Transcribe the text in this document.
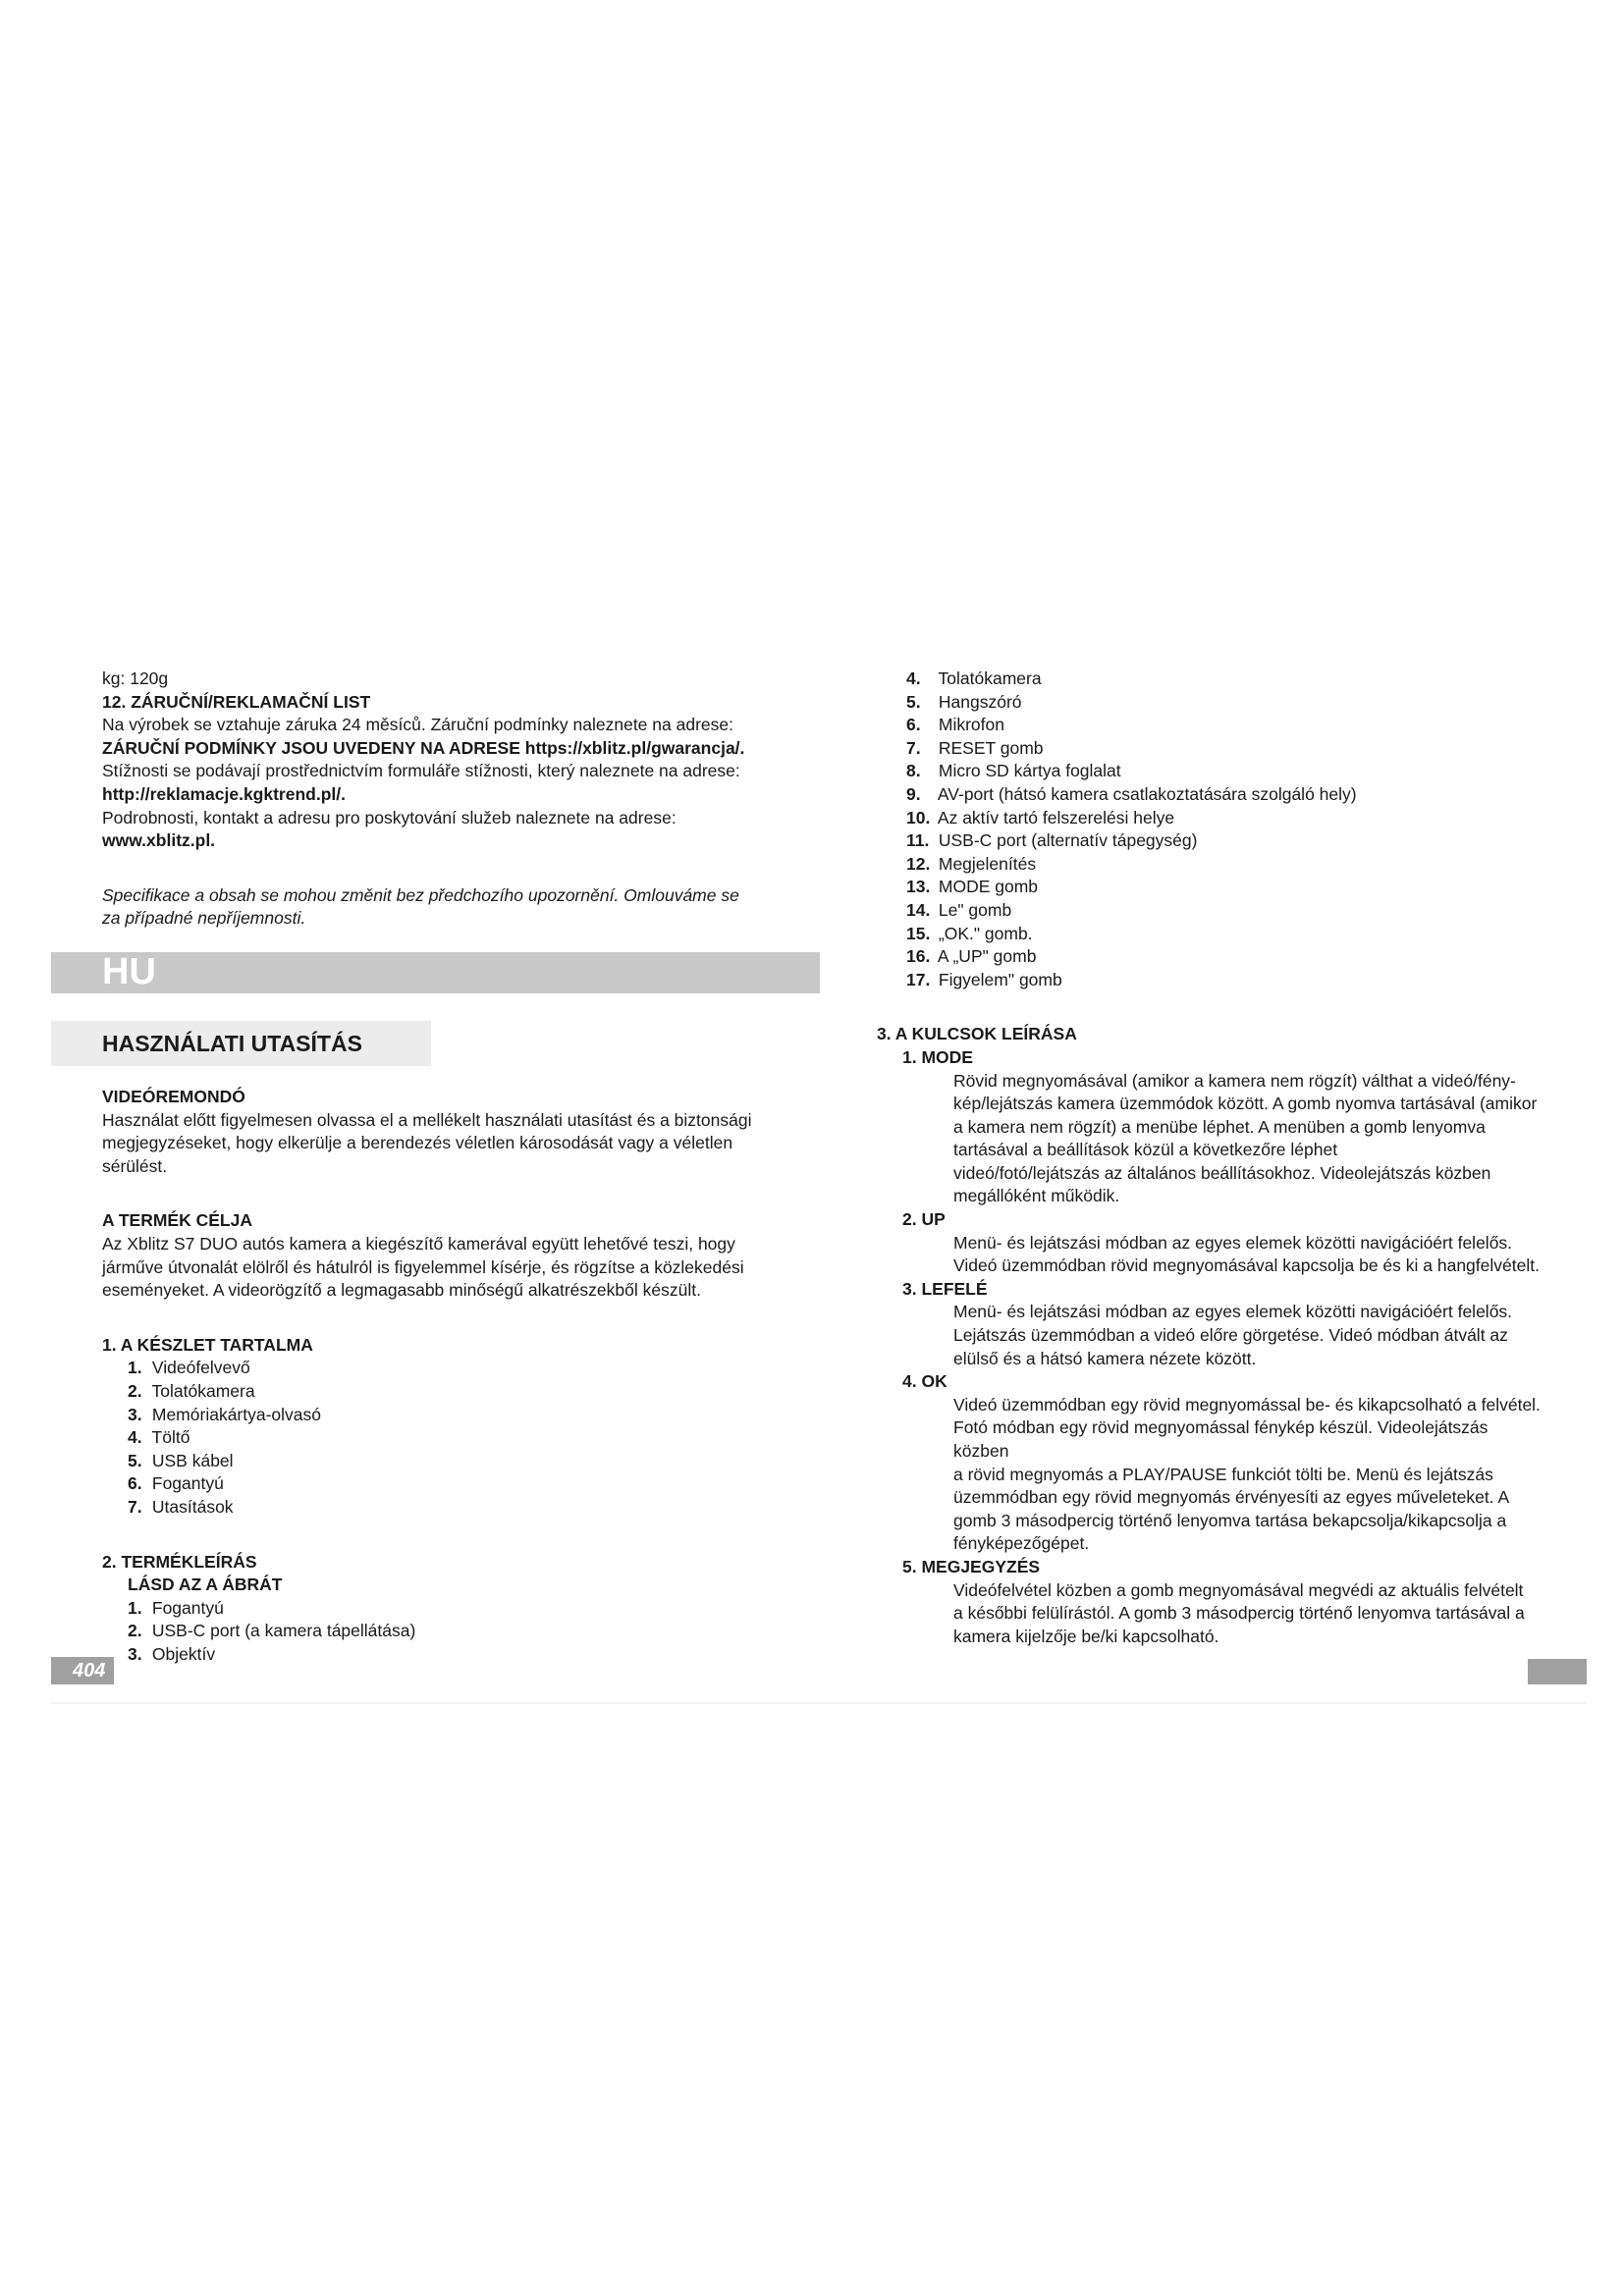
kg: 120g

12. ZÁRUČNÍ/REKLAMAČNÍ LIST

Na výrobek se vztahuje záruka 24 měsíců. Záruční podmínky naleznete na adrese:

ZÁRUČNÍ PODMÍNKY JSOU UVEDENY NA ADRESE https://xblitz.pl/gwarancja/.

Stížnosti se podávají prostřednictvím formuláře stížnosti, který naleznete na adrese:

http://reklamacje.kgktrend.pl/.

Podrobnosti, kontakt a adresu pro poskytování služeb naleznete na adrese:

www.xblitz.pl.

Specifikace a obsah se mohou změnit bez předchozího upozornění. Omlouváme se

za případné nepříjemnosti.

HU
HASZNÁLATI UTASÍTÁS

VIDEÓREMONDÓ

Használat előtt figyelmesen olvassa el a mellékelt használati utasítást és a biztonsági

megjegyzéseket, hogy elkerülje a berendezés véletlen károsodását vagy a véletlen

sérülést.

A TERMÉK CÉLJA

Az Xblitz S7 DUO autós kamera a kiegészítő kamerával együtt lehetővé teszi, hogy

járműve útvonalát elölről és hátulról is figyelemmel kísérje, és rögzítse a közlekedési

eseményeket. A videorögzítő a legmagasabb minőségű alkatrészekből készült.

1. A KÉSZLET TARTALMA

1. Videófelvevő

2. Tolatókamera

3. Memóriakártya-olvasó

4. Töltő

5. USB kábel

6. Fogantyú

7. Utasítások

2. TERMÉKLEÍRÁS

LÁSD AZ A ÁBRÁT

1. Fogantyú

2. USB-C port (a kamera tápellátása)

3. Objektív

4. Tolatókamera

5. Hangszóró

6. Mikrofon

7. RESET gomb

8. Micro SD kártya foglalat

9. AV-port (hátsó kamera csatlakoztatására szolgáló hely)

10. Az aktív tartó felszerelési helye

11. USB-C port (alternatív tápegység)

12. Megjelenítés

13. MODE gomb

14. Le" gomb

15. „OK." gomb.

16. A „UP" gomb

17. Figyelem" gomb

3. A KULCSOK LEÍRÁSA

1. MODE

Rövid megnyomásával (amikor a kamera nem rögzít) válthat a videó/fény-

kép/lejátszás kamera üzemmódok között. A gomb nyomva tartásával (amikor

a kamera nem rögzít) a menübe léphet. A menüben a gomb lenyomva

tartásával a beállítások közül a következőre léphet

videó/fotó/lejátszás az általános beállításokhoz. Videolejátszás közben

megállóként működik.

2. UP

Menü- és lejátszási módban az egyes elemek közötti navigációért felelős.

Videó üzemmódban rövid megnyomásával kapcsolja be és ki a hangfelvételt.

3. LEFELÉ

Menü- és lejátszási módban az egyes elemek közötti navigációért felelős.

Lejátszás üzemmódban a videó előre görgetése. Videó módban átvált az

elülső és a hátsó kamera nézete között.

4. OK

Videó üzemmódban egy rövid megnyomással be- és kikapcsolható a felvétel.

Fotó módban egy rövid megnyomással fénykép készül. Videolejátszás közben

a rövid megnyomás a PLAY/PAUSE funkciót tölti be. Menü és lejátszás

üzemmódban egy rövid megnyomás érvényesíti az egyes műveleteket. A

gomb 3 másodpercig történő lenyomva tartása bekapcsolja/kikapcsolja a

fényképezőgépet.

5. MEGJEGYZÉS

Videófelvétel közben a gomb megnyomásával megvédi az aktuális felvételt

a későbbi felülírástól. A gomb 3 másodpercig történő lenyomva tartásával a

kamera kijelzője be/ki kapcsolható.

404
